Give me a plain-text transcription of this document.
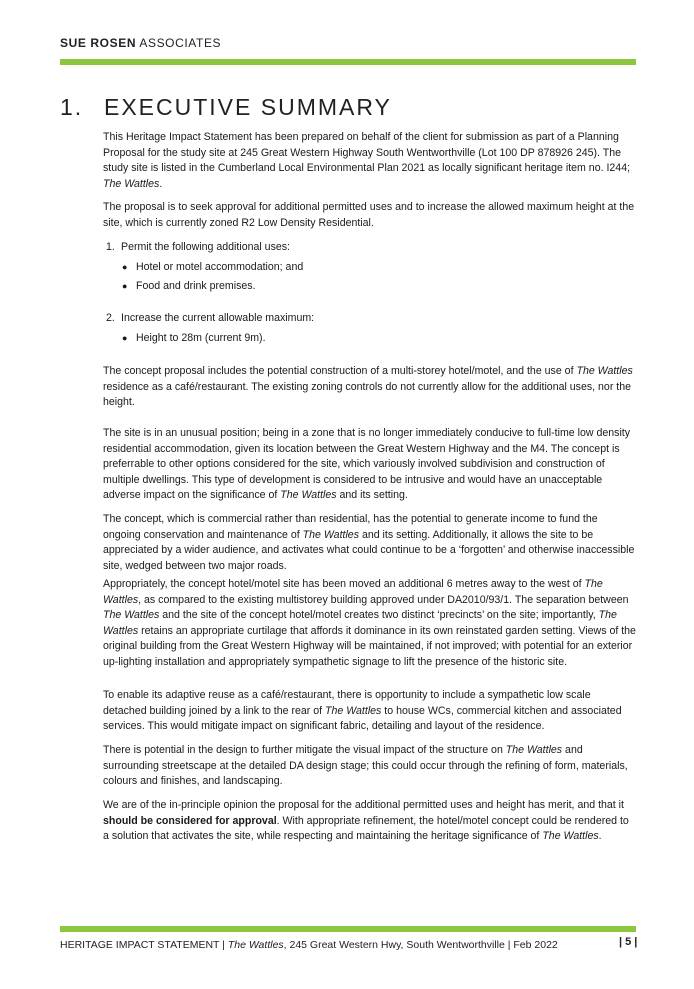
SUE ROSEN ASSOCIATES
1. EXECUTIVE SUMMARY

This Heritage Impact Statement has been prepared on behalf of the client for submission as part of a Planning Proposal for the study site at 245 Great Western Highway South Wentworthville (Lot 100 DP 878926 245). The study site is listed in the Cumberland Local Environmental Plan 2021 as locally significant heritage item no. I244; The Wattles.

The proposal is to seek approval for additional permitted uses and to increase the allowed maximum height at the site, which is currently zoned R2 Low Density Residential.

1. Permit the following additional uses:
● Hotel or motel accommodation; and
● Food and drink premises.
2. Increase the current allowable maximum:
● Height to 28m (current 9m).

The concept proposal includes the potential construction of a multi-storey hotel/motel, and the use of The Wattles residence as a café/restaurant. The existing zoning controls do not currently allow for the additional uses, nor the height.

The site is in an unusual position; being in a zone that is no longer immediately conducive to full-time low density residential accommodation, given its location between the Great Western Highway and the M4. The concept is preferrable to other options considered for the site, which variously involved subdivision and construction of multiple dwellings. This type of development is considered to be intrusive and would have an unacceptable adverse impact on the significance of The Wattles and its setting.

The concept, which is commercial rather than residential, has the potential to generate income to fund the ongoing conservation and maintenance of The Wattles and its setting. Additionally, it allows the site to be appreciated by a wider audience, and activates what could continue to be a ‘forgotten’ and otherwise inaccessible site, wedged between two major roads.

Appropriately, the concept hotel/motel site has been moved an additional 6 metres away to the west of The Wattles, as compared to the existing multistorey building approved under DA2010/93/1. The separation between The Wattles and the site of the concept hotel/motel creates two distinct ‘precincts’ on the site; importantly, The Wattles retains an appropriate curtilage that affords it dominance in its own reinstated garden setting. Views of the original building from the Great Western Highway will be maintained, if not improved; with potential for an exterior up-lighting installation and appropriately sympathetic signage to lift the presence of the historic site.

To enable its adaptive reuse as a café/restaurant, there is opportunity to include a sympathetic low scale detached building joined by a link to the rear of The Wattles to house WCs, commercial kitchen and associated services. This would mitigate impact on significant fabric, detailing and layout of the residence.

There is potential in the design to further mitigate the visual impact of the structure on The Wattles and surrounding streetscape at the detailed DA design stage; this could occur through the refining of form, materials, colours and finishes, and landscaping.

We are of the in-principle opinion the proposal for the additional permitted uses and height has merit, and that it should be considered for approval. With appropriate refinement, the hotel/motel concept could be rendered to a solution that activates the site, while respecting and maintaining the heritage significance of The Wattles.

HERITAGE IMPACT STATEMENT | The Wattles, 245 Great Western Hwy, South Wentworthville | Feb 2022	| 5 |
